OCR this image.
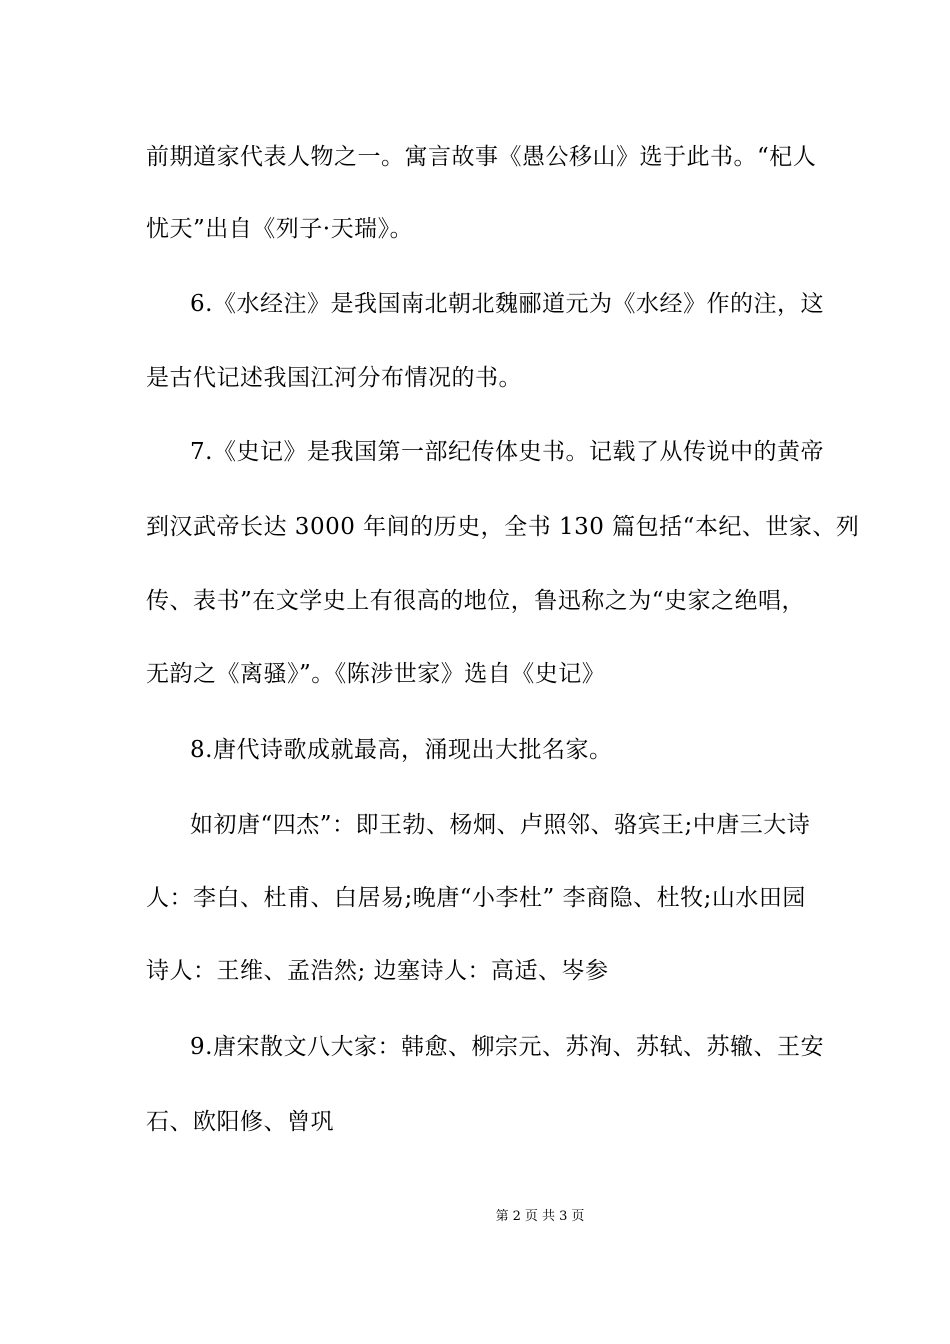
前期道家代表人物之一。寓言故事《愚公移山》选于此书。“杞人
忧天”出自《列子·天瑞》。
6.《水经注》是我国南北朝北魏郦道元为《水经》作的注，这
是古代记述我国江河分布情况的书。
7.《史记》是我国第一部纪传体史书。记载了从传说中的黄帝
到汉武帝长达 3000 年间的历史，全书 130 篇包括“本纪、世家、列
传、表书”在文学史上有很高的地位，鲁迅称之为“史家之绝唱，
无韵之《离骚》”。《陈涉世家》选自《史记》
8.唐代诗歌成就最高，涌现出大批名家。
如初唐“四杰”：即王勃、杨炯、卢照邻、骆宾王;中唐三大诗
人：李白、杜甫、白居易;晚唐“小李杜” 李商隐、杜牧;山水田园
诗人：王维、孟浩然; 边塞诗人：高适、岑参
9.唐宋散文八大家：韩愈、柳宗元、苏洵、苏轼、苏辙、王安
石、欧阳修、曾巩
第 2 页 共 3 页
